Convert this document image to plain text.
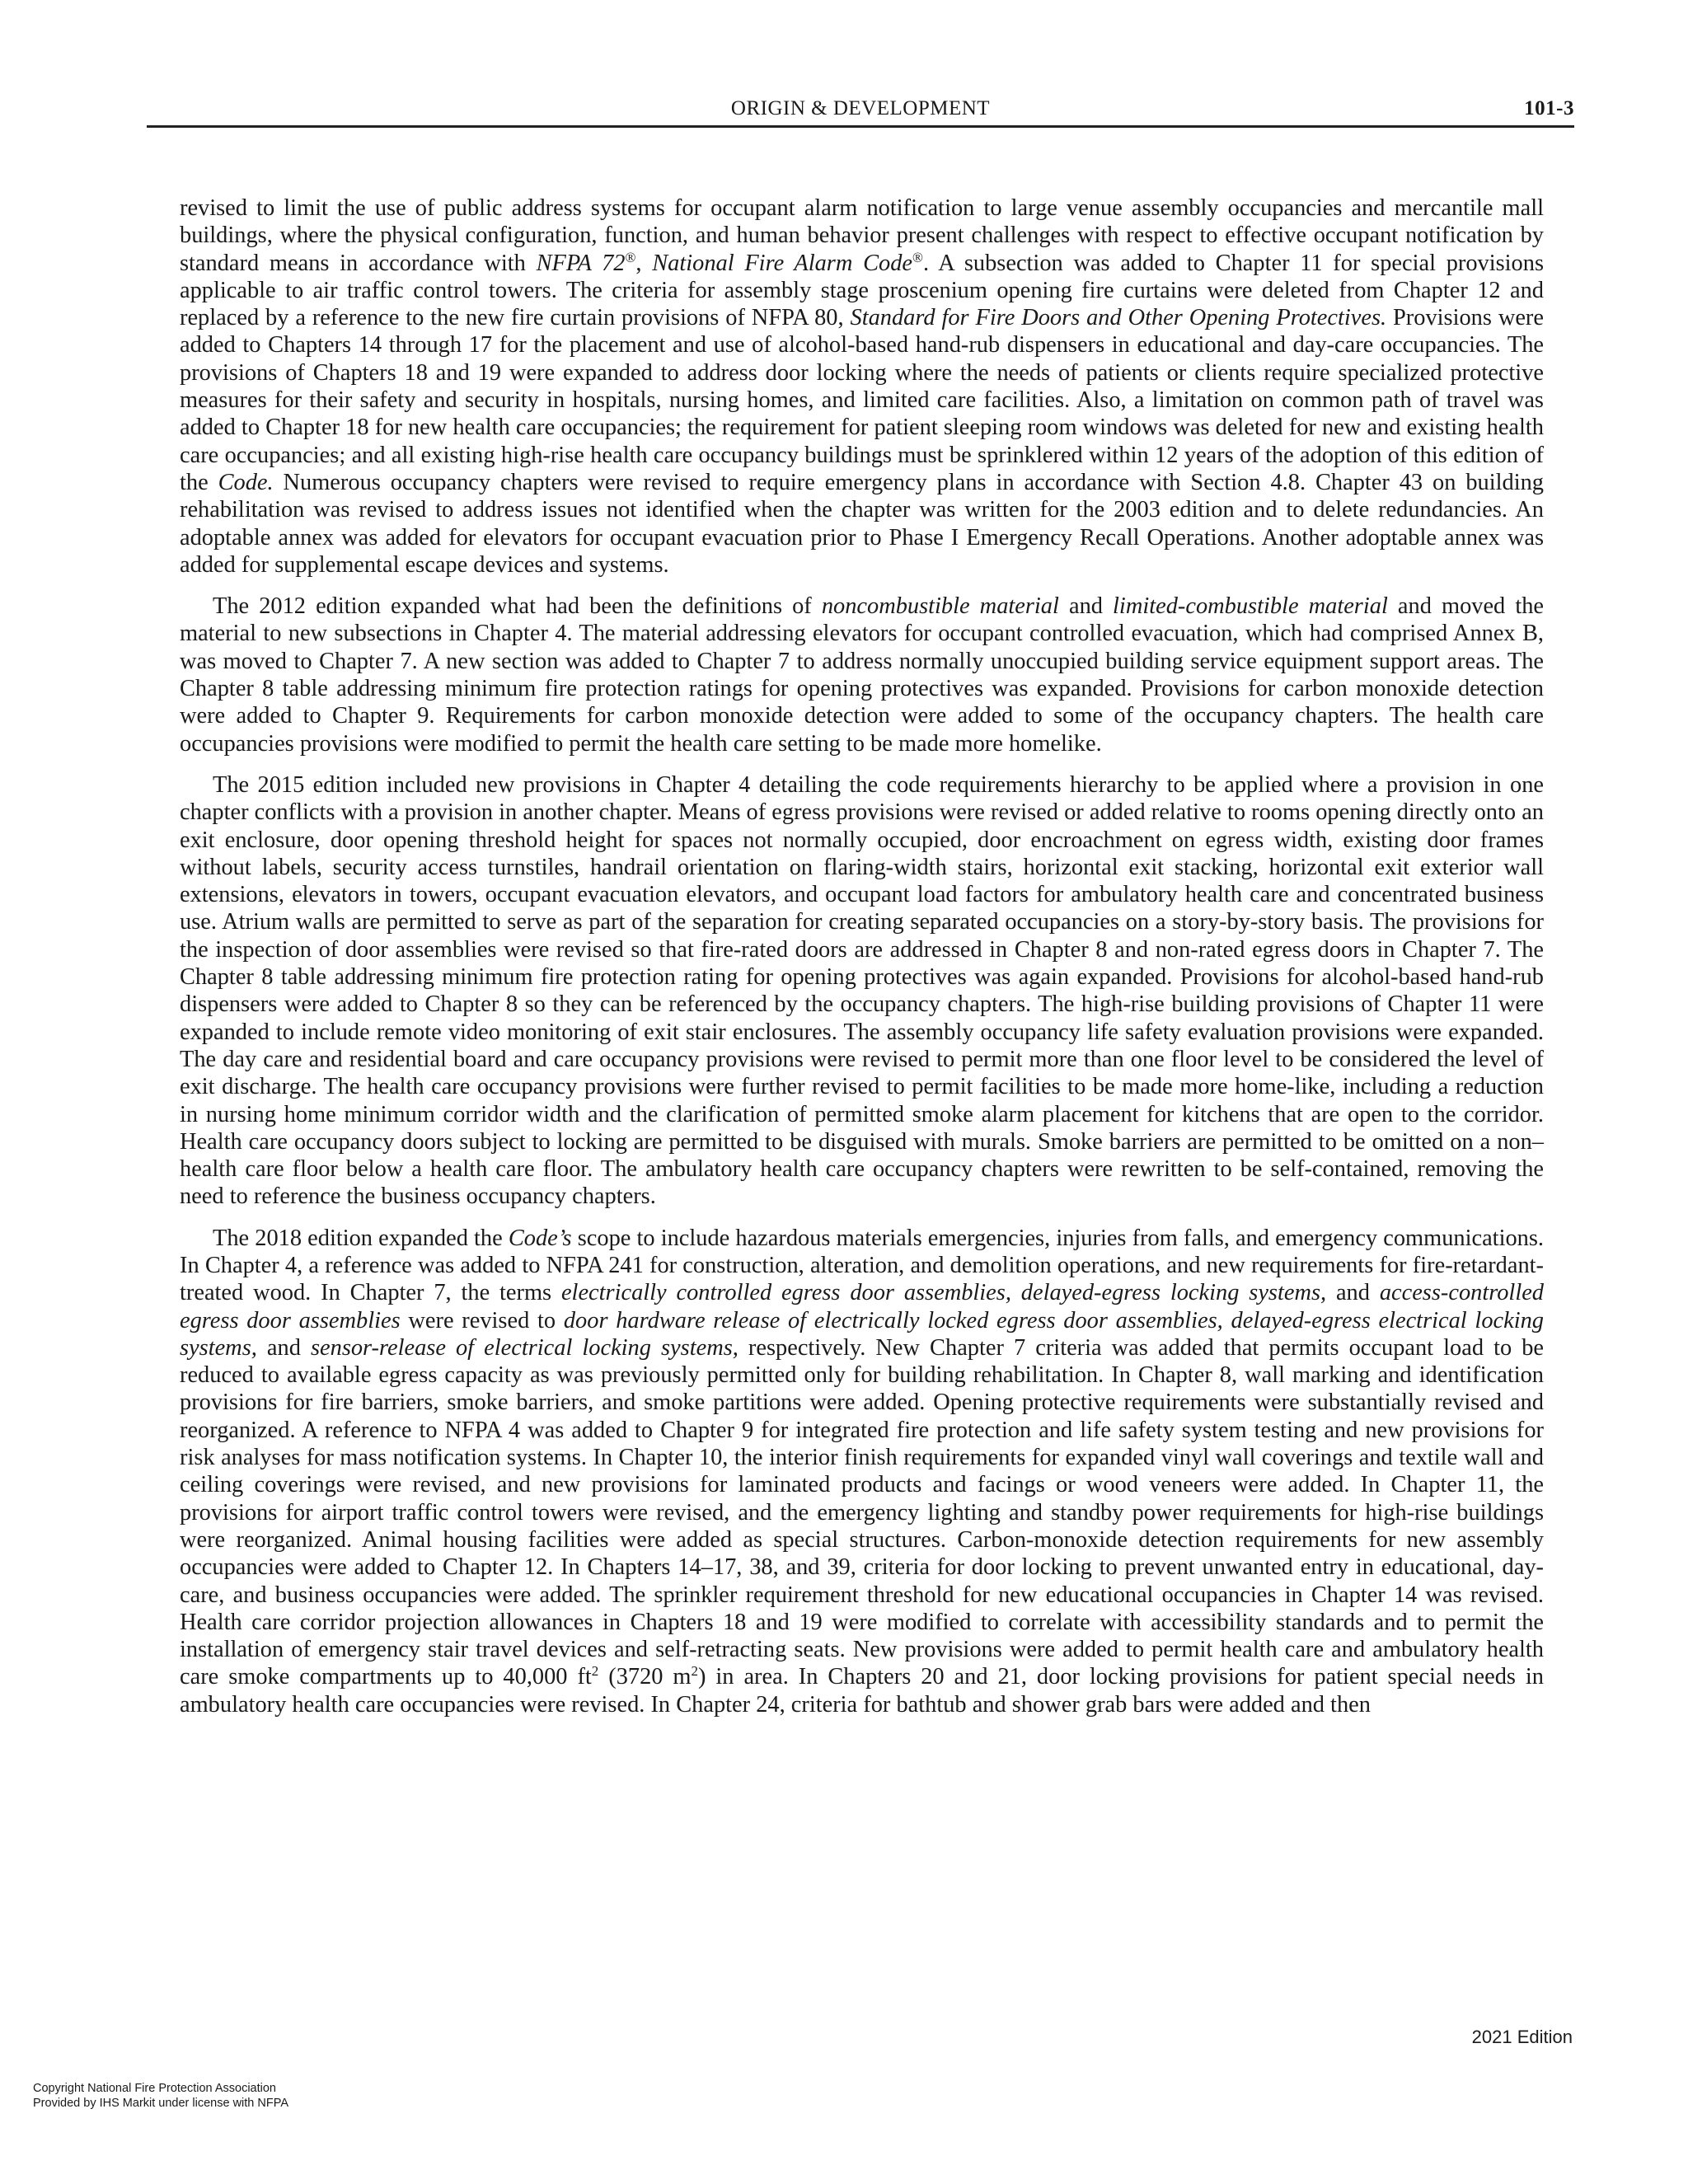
ORIGIN & DEVELOPMENT	101-3

revised to limit the use of public address systems for occupant alarm notification to large venue assembly occupancies and mercantile mall buildings, where the physical configuration, function, and human behavior present challenges with respect to effective occupant notification by standard means in accordance with NFPA 72®, National Fire Alarm Code®. A subsection was added to Chapter 11 for special provisions applicable to air traffic control towers. The criteria for assembly stage proscenium opening fire curtains were deleted from Chapter 12 and replaced by a reference to the new fire curtain provisions of NFPA 80, Standard for Fire Doors and Other Opening Protectives. Provisions were added to Chapters 14 through 17 for the placement and use of alcohol-based hand-rub dispensers in educational and day-care occupancies. The provisions of Chapters 18 and 19 were expanded to address door locking where the needs of patients or clients require specialized protective measures for their safety and security in hospitals, nursing homes, and limited care facilities. Also, a limitation on common path of travel was added to Chapter 18 for new health care occupancies; the requirement for patient sleeping room windows was deleted for new and existing health care occupancies; and all existing high-rise health care occupancy buildings must be sprinklered within 12 years of the adoption of this edition of the Code. Numerous occupancy chapters were revised to require emergency plans in accordance with Section 4.8. Chapter 43 on building rehabilitation was revised to address issues not identified when the chapter was written for the 2003 edition and to delete redundancies. An adoptable annex was added for elevators for occupant evacuation prior to Phase I Emergency Recall Operations. Another adoptable annex was added for supplemental escape devices and systems.

The 2012 edition expanded what had been the definitions of noncombustible material and limited-combustible material and moved the material to new subsections in Chapter 4. The material addressing elevators for occupant controlled evacuation, which had comprised Annex B, was moved to Chapter 7. A new section was added to Chapter 7 to address normally unoccupied building service equipment support areas. The Chapter 8 table addressing minimum fire protection ratings for opening protectives was expanded. Provisions for carbon monoxide detection were added to Chapter 9. Requirements for carbon monoxide detection were added to some of the occupancy chapters. The health care occupancies provisions were modified to permit the health care setting to be made more homelike.

The 2015 edition included new provisions in Chapter 4 detailing the code requirements hierarchy to be applied where a provision in one chapter conflicts with a provision in another chapter. Means of egress provisions were revised or added relative to rooms opening directly onto an exit enclosure, door opening threshold height for spaces not normally occupied, door encroachment on egress width, existing door frames without labels, security access turnstiles, handrail orientation on flaring-width stairs, horizontal exit stacking, horizontal exit exterior wall extensions, elevators in towers, occupant evacuation elevators, and occupant load factors for ambulatory health care and concentrated business use. Atrium walls are permitted to serve as part of the separation for creating separated occupancies on a story-by-story basis. The provisions for the inspection of door assemblies were revised so that fire-rated doors are addressed in Chapter 8 and non-rated egress doors in Chapter 7. The Chapter 8 table addressing minimum fire protection rating for opening protectives was again expanded. Provisions for alcohol-based hand-rub dispensers were added to Chapter 8 so they can be referenced by the occupancy chapters. The high-rise building provisions of Chapter 11 were expanded to include remote video monitoring of exit stair enclosures. The assembly occupancy life safety evaluation provisions were expanded. The day care and residential board and care occupancy provisions were revised to permit more than one floor level to be considered the level of exit discharge. The health care occupancy provisions were further revised to permit facilities to be made more home-like, including a reduction in nursing home minimum corridor width and the clarification of permitted smoke alarm placement for kitchens that are open to the corridor. Health care occupancy doors subject to locking are permitted to be disguised with murals. Smoke barriers are permitted to be omitted on a non–health care floor below a health care floor. The ambulatory health care occupancy chapters were rewritten to be self-contained, removing the need to reference the business occupancy chapters.

The 2018 edition expanded the Code’s scope to include hazardous materials emergencies, injuries from falls, and emergency communications. In Chapter 4, a reference was added to NFPA 241 for construction, alteration, and demolition operations, and new requirements for fire-retardant-treated wood. In Chapter 7, the terms electrically controlled egress door assemblies, delayed-egress locking systems, and access-controlled egress door assemblies were revised to door hardware release of electrically locked egress door assemblies, delayed-egress electrical locking systems, and sensor-release of electrical locking systems, respectively. New Chapter 7 criteria was added that permits occupant load to be reduced to available egress capacity as was previously permitted only for building rehabilitation. In Chapter 8, wall marking and identification provisions for fire barriers, smoke barriers, and smoke partitions were added. Opening protective requirements were substantially revised and reorganized. A reference to NFPA 4 was added to Chapter 9 for integrated fire protection and life safety system testing and new provisions for risk analyses for mass notification systems. In Chapter 10, the interior finish requirements for expanded vinyl wall coverings and textile wall and ceiling coverings were revised, and new provisions for laminated products and facings or wood veneers were added. In Chapter 11, the provisions for airport traffic control towers were revised, and the emergency lighting and standby power requirements for high-rise buildings were reorganized. Animal housing facilities were added as special structures. Carbon-monoxide detection requirements for new assembly occupancies were added to Chapter 12. In Chapters 14–17, 38, and 39, criteria for door locking to prevent unwanted entry in educational, day-care, and business occupancies were added. The sprinkler requirement threshold for new educational occupancies in Chapter 14 was revised. Health care corridor projection allowances in Chapters 18 and 19 were modified to correlate with accessibility standards and to permit the installation of emergency stair travel devices and self-retracting seats. New provisions were added to permit health care and ambulatory health care smoke compartments up to 40,000 $ft^2$ (3720 $m^2$) in area. In Chapters 20 and 21, door locking provisions for patient special needs in ambulatory health care occupancies were revised. In Chapter 24, criteria for bathtub and shower grab bars were added and then

2021 Edition
Copyright National Fire Protection Association
Provided by IHS Markit under license with NFPA
